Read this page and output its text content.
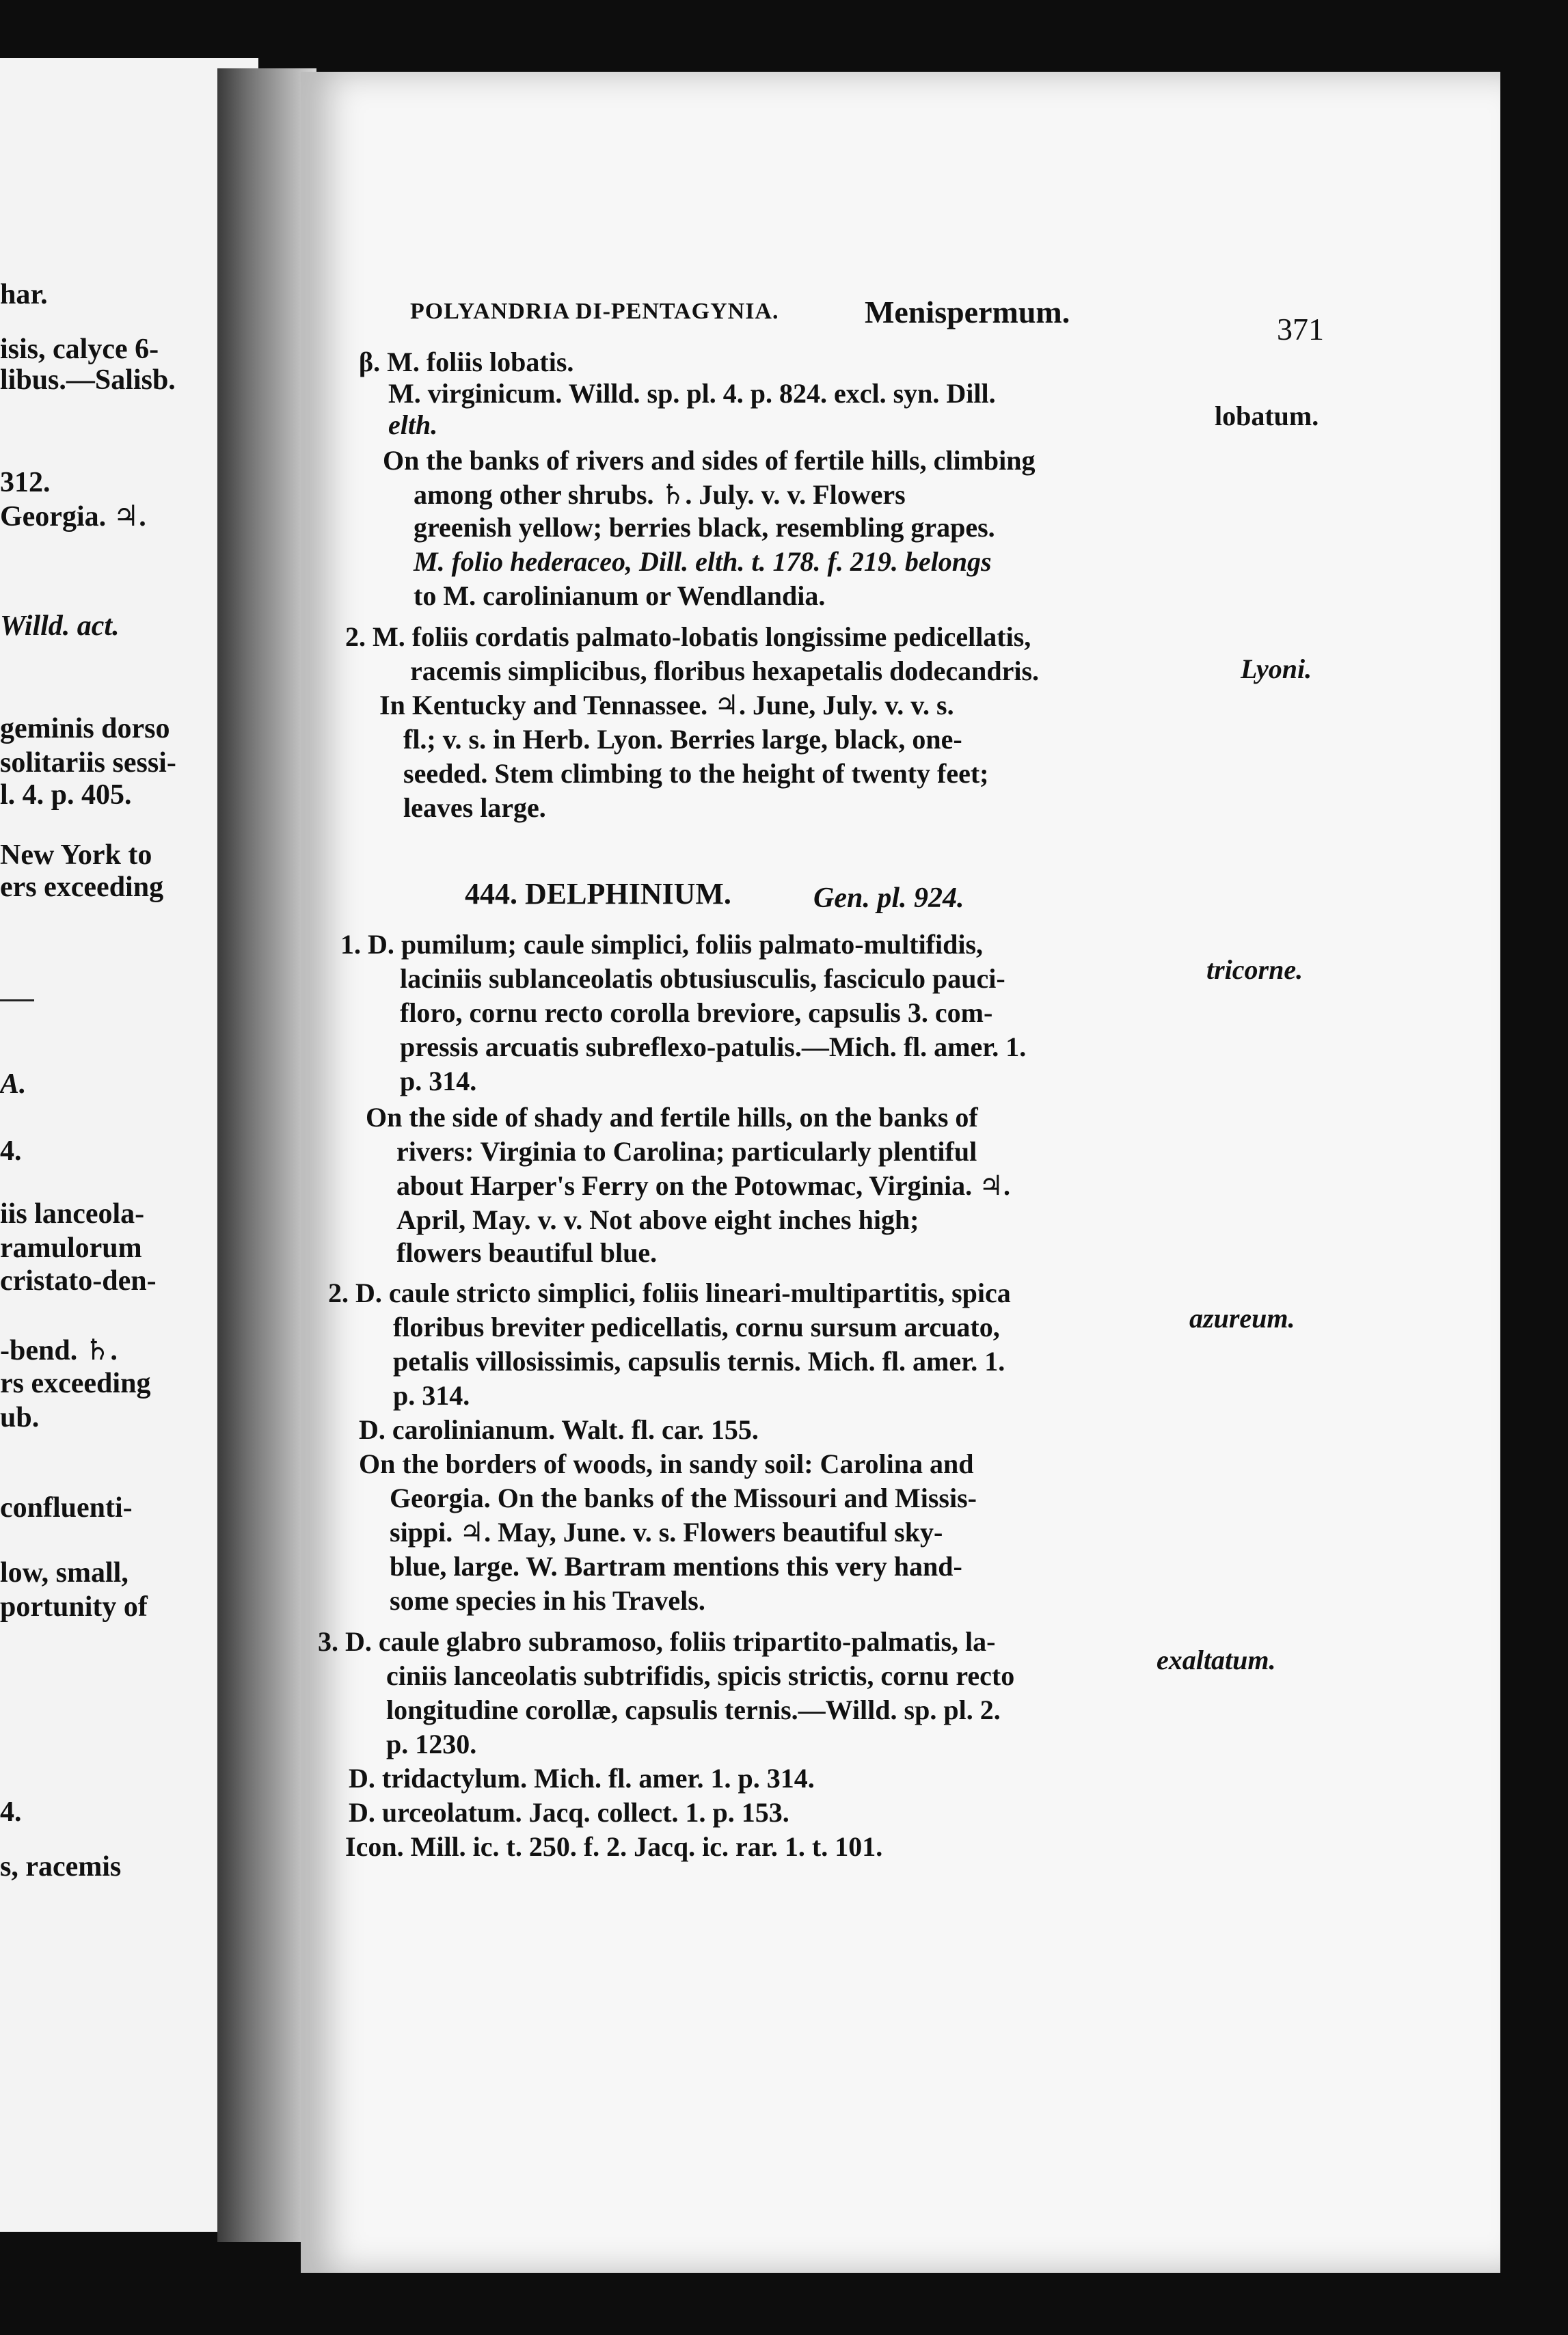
har.
isis, calyce 6-
libus.—Salisb.
312.
Georgia. ♃.
Willd. act.
geminis dorso
solitariis sessi-
l. 4. p. 405.
New York to
ers exceeding
A.
4.
iis lanceola-
ramulorum
cristato-den-
-bend. ♄.
rs exceeding
ub.
confluenti-
low, small,
portunity of
4.
s, racemis
POLYANDRIA DI-PENTAGYNIA.	Menispermum.	371
β. M. foliis lobatis.
M. virginicum. Willd. sp. pl. 4. p. 824. excl. syn. Dill.
elth.
On the banks of rivers and sides of fertile hills, climbing
among other shrubs. ♄. July. v. v. Flowers
greenish yellow; berries black, resembling grapes.
M. folio hederaceo, Dill. elth. t. 178. f. 219. belongs
to M. carolinianum or Wendlandia.
2. M. foliis cordatis palmato-lobatis longissime pedicellatis,
racemis simplicibus, floribus hexapetalis dodecandris.
In Kentucky and Tennassee. ♃. June, July. v. v. s.
fl.; v. s. in Herb. Lyon. Berries large, black, one-
seeded. Stem climbing to the height of twenty feet;
leaves large.
444. DELPHINIUM.	Gen. pl. 924.
1. D. pumilum; caule simplici, foliis palmato-multifidis,
laciniis sublanceolatis obtusiusculis, fasciculo pauci-
floro, cornu recto corolla breviore, capsulis 3. com-
pressis arcuatis subreflexo-patulis.—Mich. fl. amer. 1.
p. 314.
On the side of shady and fertile hills, on the banks of
rivers: Virginia to Carolina; particularly plentiful
about Harper's Ferry on the Potowmac, Virginia. ♃.
April, May. v. v. Not above eight inches high;
flowers beautiful blue.
2. D. caule stricto simplici, foliis lineari-multipartitis, spica
floribus breviter pedicellatis, cornu sursum arcuato,
petalis villosissimis, capsulis ternis. Mich. fl. amer. 1.
p. 314.
D. carolinianum. Walt. fl. car. 155.
On the borders of woods, in sandy soil: Carolina and
Georgia. On the banks of the Missouri and Missis-
sippi. ♃. May, June. v. s. Flowers beautiful sky-
blue, large. W. Bartram mentions this very hand-
some species in his Travels.
3. D. caule glabro subramoso, foliis tripartito-palmatis, la-
ciniis lanceolatis subtrifidis, spicis strictis, cornu recto
longitudine corollæ, capsulis ternis.—Willd. sp. pl. 2.
p. 1230.
D. tridactylum. Mich. fl. amer. 1. p. 314.
D. urceolatum. Jacq. collect. 1. p. 153.
Icon. Mill. ic. t. 250. f. 2. Jacq. ic. rar. 1. t. 101.
lobatum.
Lyoni.
tricorne.
azureum.
exaltatum.
